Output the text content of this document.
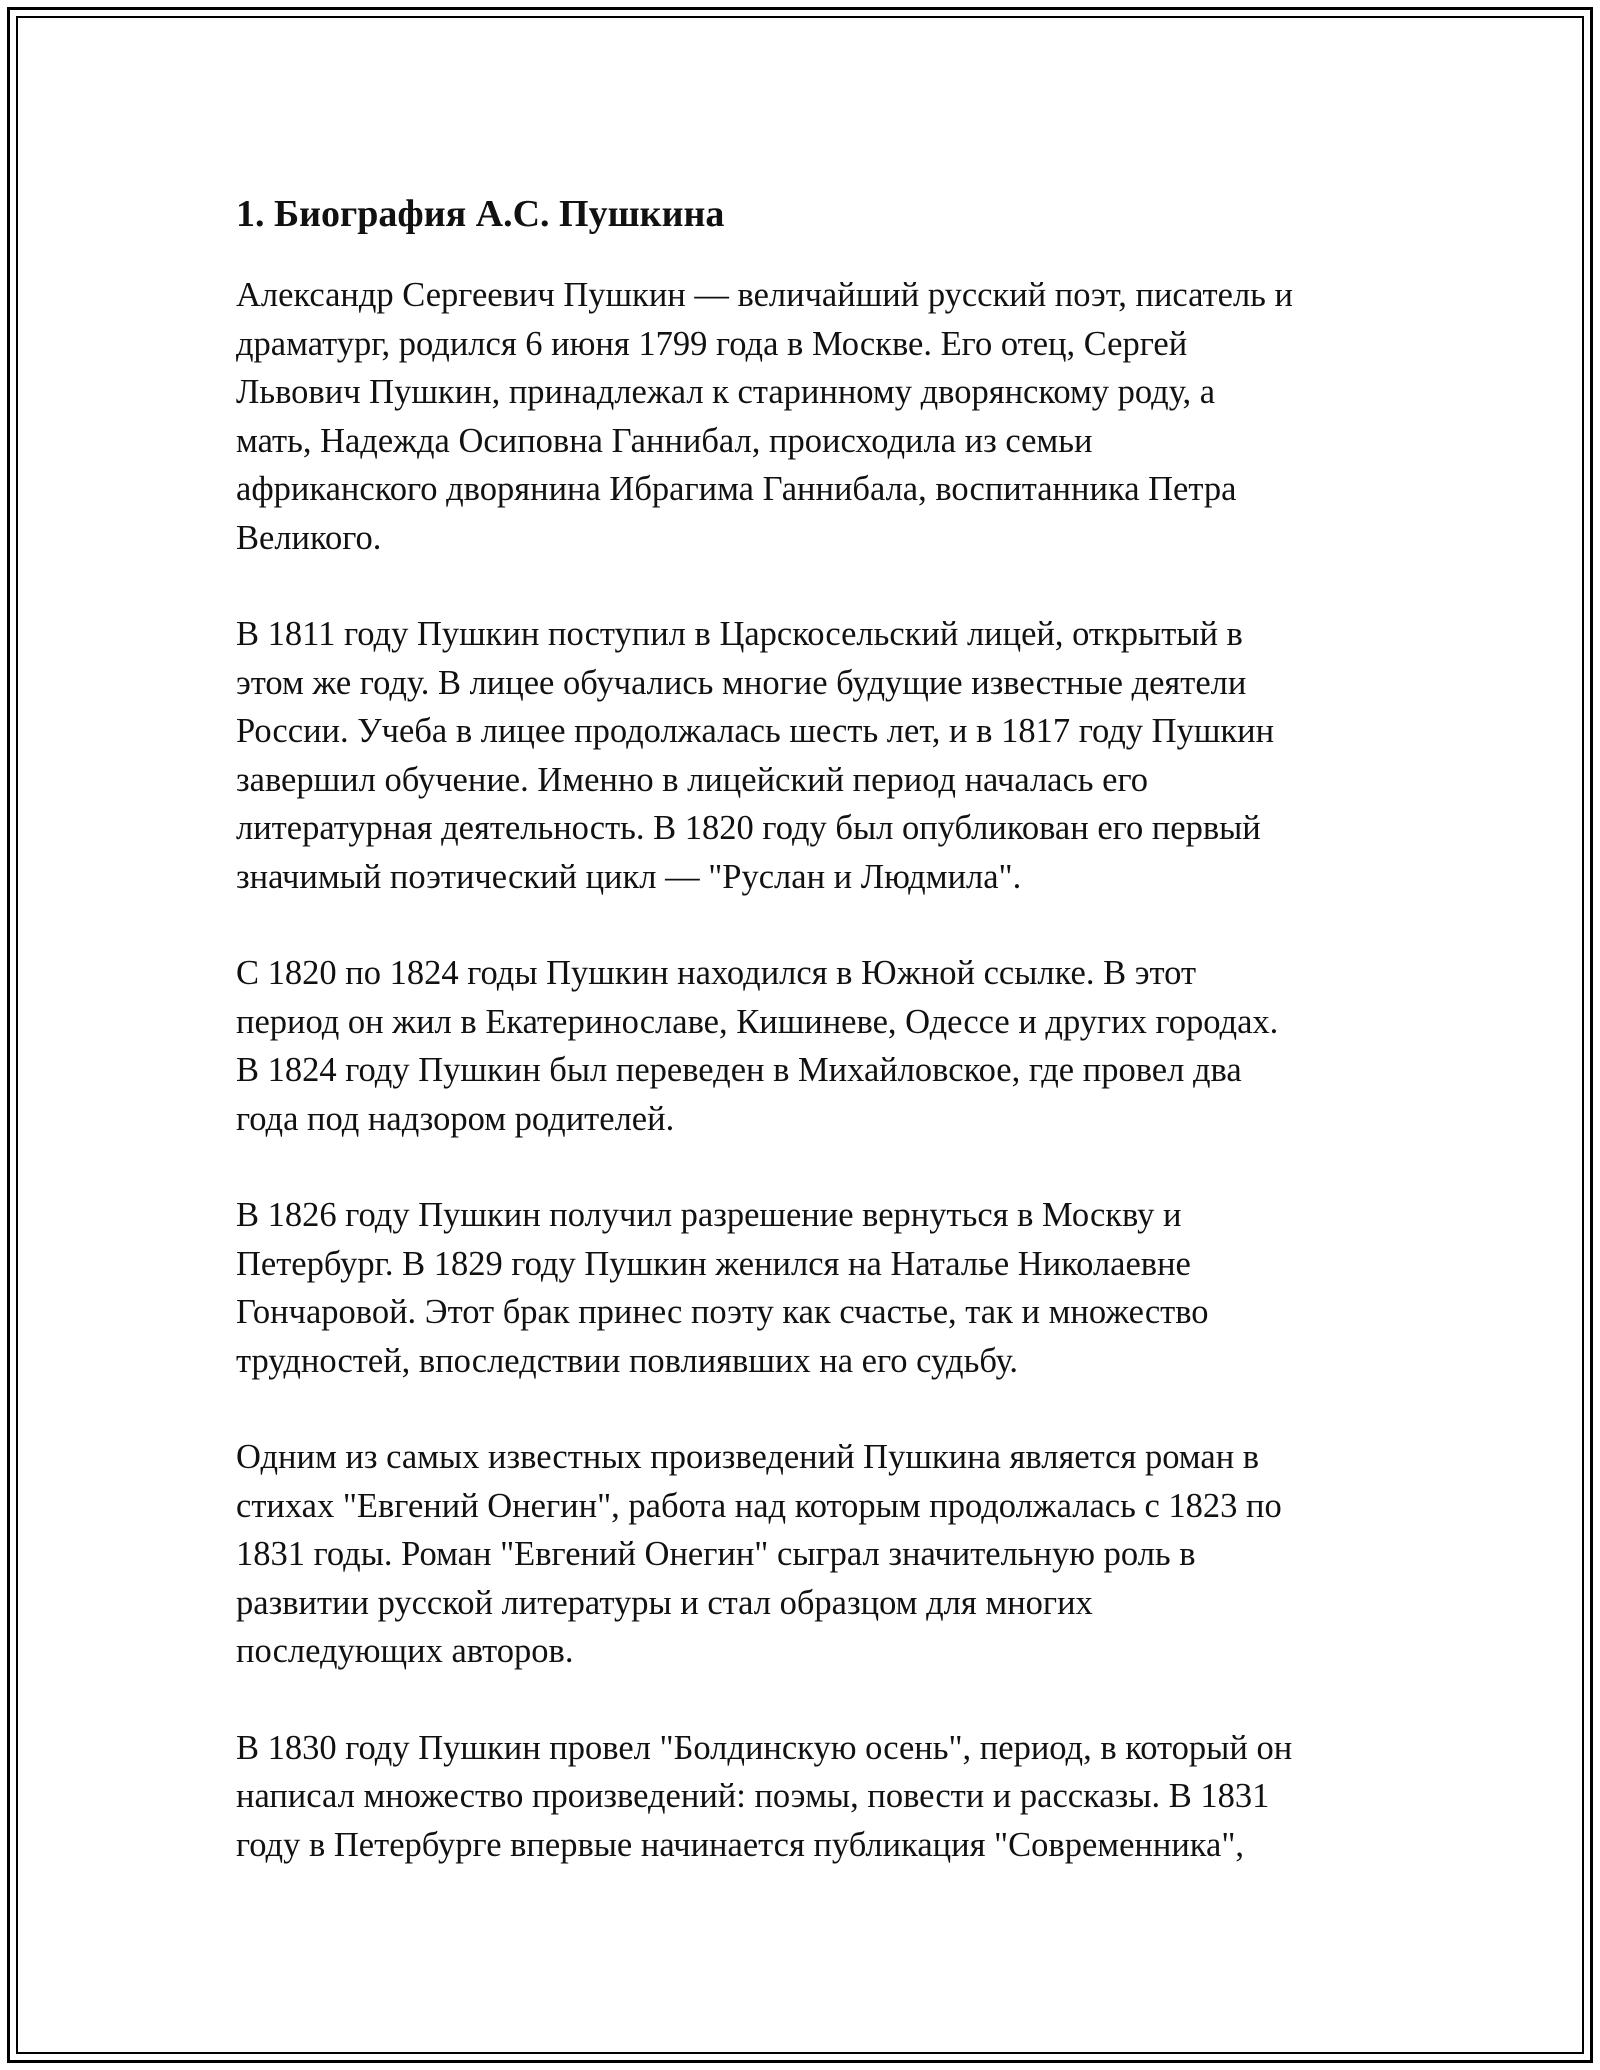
1. Биография А.С. Пушкина

Александр Сергеевич Пушкин — величайший русский поэт, писатель и
драматург, родился 6 июня 1799 года в Москве. Его отец, Сергей
Львович Пушкин, принадлежал к старинному дворянскому роду, а
мать, Надежда Осиповна Ганнибал, происходила из семьи
африканского дворянина Ибрагима Ганнибала, воспитанника Петра
Великого.

В 1811 году Пушкин поступил в Царскосельский лицей, открытый в
этом же году. В лицее обучались многие будущие известные деятели
России. Учеба в лицее продолжалась шесть лет, и в 1817 году Пушкин
завершил обучение. Именно в лицейский период началась его
литературная деятельность. В 1820 году был опубликован его первый
значимый поэтический цикл — "Руслан и Людмила".

С 1820 по 1824 годы Пушкин находился в Южной ссылке. В этот
период он жил в Екатеринославе, Кишиневе, Одессе и других городах.
В 1824 году Пушкин был переведен в Михайловское, где провел два
года под надзором родителей.

В 1826 году Пушкин получил разрешение вернуться в Москву и
Петербург. В 1829 году Пушкин женился на Наталье Николаевне
Гончаровой. Этот брак принес поэту как счастье, так и множество
трудностей, впоследствии повлиявших на его судьбу.

Одним из самых известных произведений Пушкина является роман в
стихах "Евгений Онегин", работа над которым продолжалась с 1823 по
1831 годы. Роман "Евгений Онегин" сыграл значительную роль в
развитии русской литературы и стал образцом для многих
последующих авторов.

В 1830 году Пушкин провел "Болдинскую осень", период, в который он
написал множество произведений: поэмы, повести и рассказы. В 1831
году в Петербурге впервые начинается публикация "Современника",
